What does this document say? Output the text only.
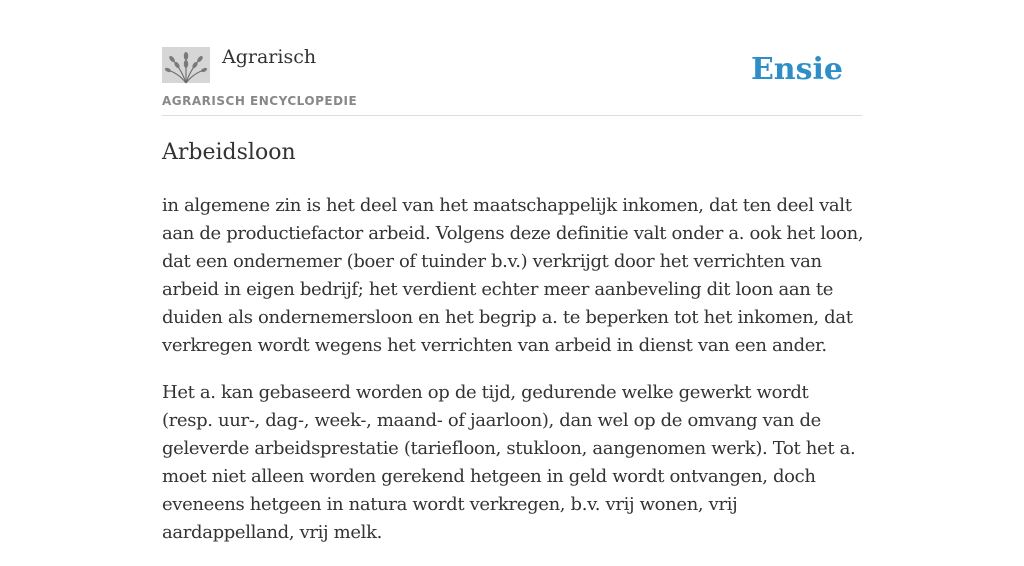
Agrarisch
AGRARISCH ENCYCLOPEDIE
Ensie
Arbeidsloon

in algemene zin is het deel van het maatschappelijk inkomen, dat ten deel valt aan de productiefactor arbeid. Volgens deze definitie valt onder a. ook het loon, dat een ondernemer (boer of tuinder b.v.) verkrijgt door het verrichten van arbeid in eigen bedrijf; het verdient echter meer aanbeveling dit loon aan te duiden als ondernemersloon en het begrip a. te beperken tot het inkomen, dat verkregen wordt wegens het verrichten van arbeid in dienst van een ander.

Het a. kan gebaseerd worden op de tijd, gedurende welke gewerkt wordt (resp. uur-, dag-, week-, maand- of jaarloon), dan wel op de omvang van de geleverde arbeidsprestatie (tariefloon, stukloon, aangenomen werk). Tot het a. moet niet alleen worden gerekend hetgeen in geld wordt ontvangen, doch eveneens hetgeen in natura wordt verkregen, b.v. vrij wonen, vrij aardappelland, vrij melk.
